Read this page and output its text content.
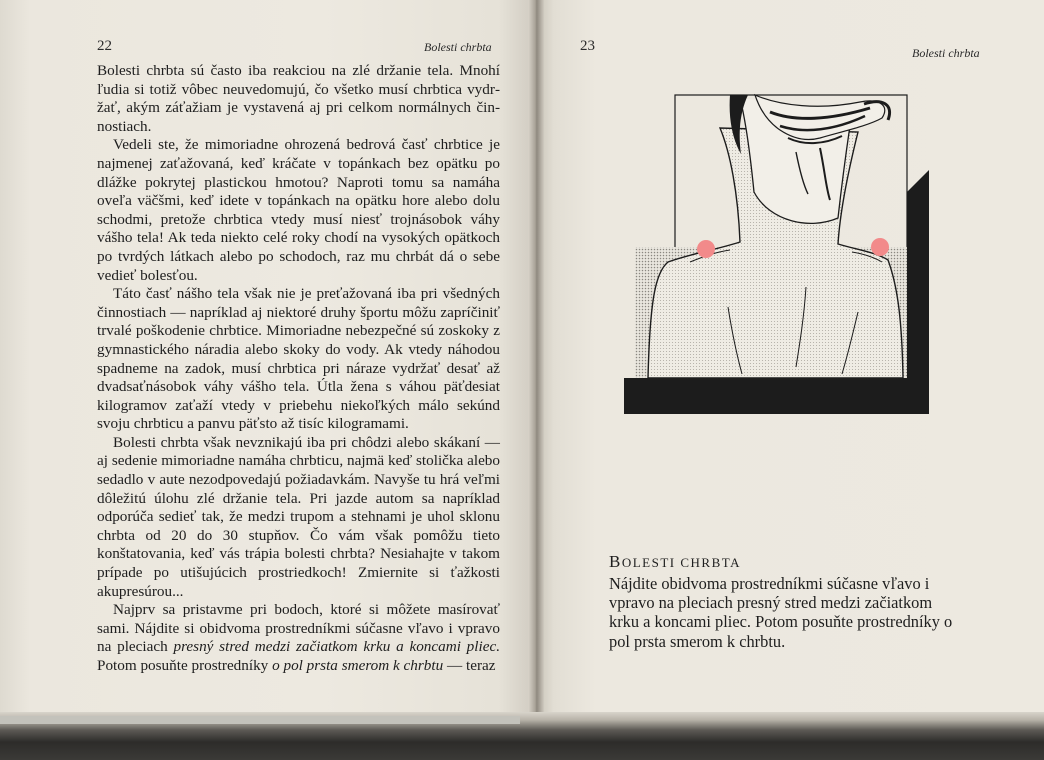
22	Bolesti chrbta

Bolesti chrbta sú často iba reakciou na zlé držanie tela. Mnohí ľudia si totiž vôbec neuvedomujú, čo všetko musí chrbtica vydržať, akým záťažiam je vystavená aj pri celkom normálnych činnostiach.

Vedeli ste, že mimoriadne ohrozená bedrová časť chrbtice je najmenej zaťažovaná, keď kráčate v topánkach bez opätku po dlážke pokrytej plastickou hmotou? Naproti tomu sa namáha oveľa väčšmi, keď idete v topánkach na opätku hore alebo dolu schodmi, pretože chrbtica vtedy musí niesť trojnásobok váhy vášho tela! Ak teda niekto celé roky chodí na vysokých opätkoch po tvrdých látkach alebo po schodoch, raz mu chrbát dá o sebe vedieť bolesťou.

Táto časť nášho tela však nie je preťažovaná iba pri všedných činnostiach — napríklad aj niektoré druhy športu môžu zapríčiniť trvalé poškodenie chrbtice. Mimoriadne nebezpečné sú zoskoky z gymnastického náradia alebo skoky do vody. Ak vtedy náhodou spadneme na zadok, musí chrbtica pri náraze vydržať desať až dvadsaťnásobok váhy vášho tela. Útla žena s váhou päťdesiat kilogramov zaťaží vtedy v priebehu niekoľkých málo sekúnd svoju chrbticu a panvu päťsto až tisíc kilogramami.

Bolesti chrbta však nevznikajú iba pri chôdzi alebo skákaní — aj sedenie mimoriadne namáha chrbticu, najmä keď stolička alebo sedadlo v aute nezodpovedajú požiadavkám. Navyše tu hrá veľmi dôležitú úlohu zlé držanie tela. Pri jazde autom sa napríklad odporúča sedieť tak, že medzi trupom a stehnami je uhol sklonu chrbta od 20 do 30 stupňov. Čo vám však pomôžu tieto konštatovania, keď vás trápia bolesti chrbta? Nesiahajte v takom prípade po utišujúcich prostriedkoch! Zmiernite si ťažkosti akupresúrou...

Najprv sa pristavme pri bodoch, ktoré si môžete masírovať sami. Nájdite si obidvoma prostredníkmi súčasne vľavo i vpravo na pleciach presný stred medzi začiatkom krku a koncami pliec. Potom posuňte prostredníky o pol prsta smerom k chrbtu — teraz

23	Bolesti chrbta
BOLESTI CHRBTA
Nájdite obidvoma prostredníkmi súčasne vľavo i vpravo na pleciach presný stred medzi začiatkom krku a koncami pliec. Potom posuňte prostredníky o pol prsta smerom k chrbtu.
